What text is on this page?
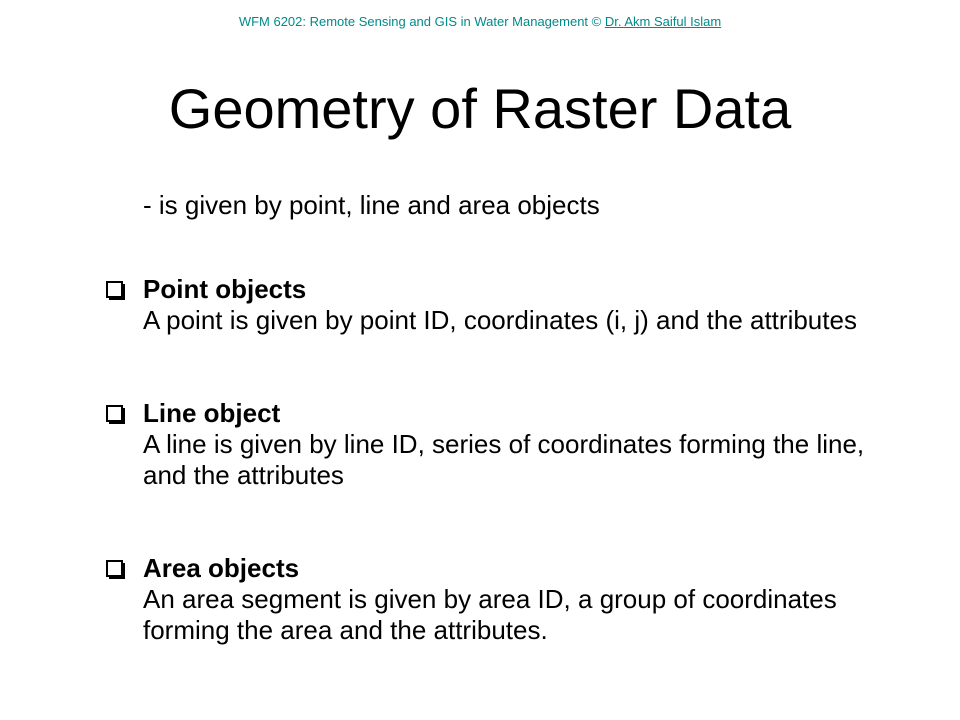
WFM 6202: Remote Sensing and GIS in Water Management © Dr. Akm Saiful Islam
Geometry of Raster Data
- is given by point, line and area objects
Point objects
A point is given by point ID, coordinates (i, j) and the attributes
Line object
A line is given by line ID, series of coordinates forming the line, and the attributes
Area objects
An area segment is given by area ID, a group of coordinates forming the area and the attributes.
